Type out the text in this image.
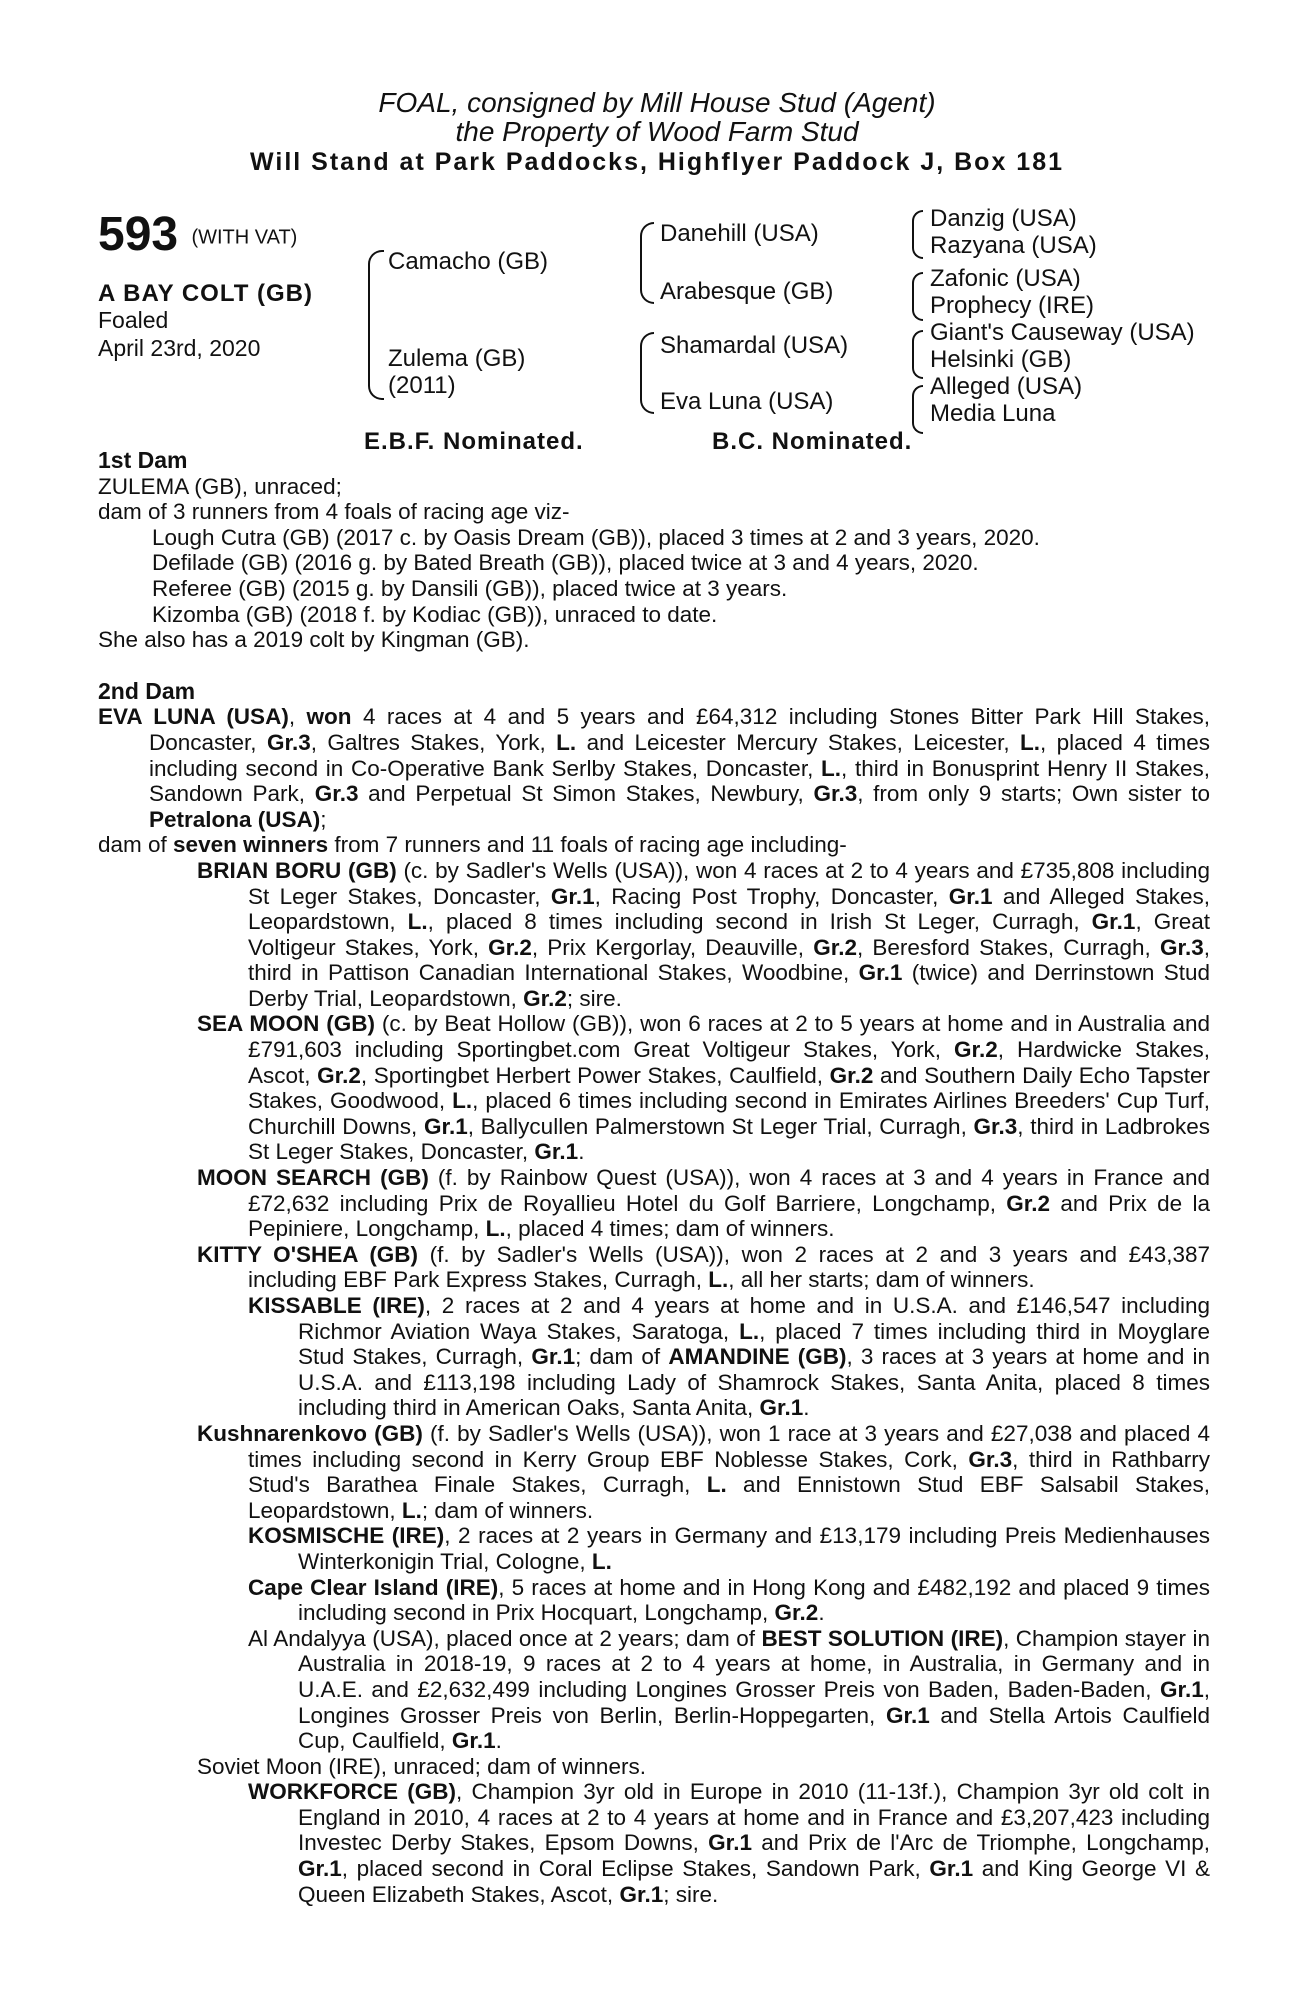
FOAL, consigned by Mill House Stud (Agent)
the Property of Wood Farm Stud
Will Stand at Park Paddocks, Highflyer Paddock J, Box 181
593 (WITH VAT)
A BAY COLT (GB)
Foaled
April 23rd, 2020
Camacho (GB)
Zulema (GB)
(2011)
Danehill (USA)
Arabesque (GB)
Shamardal (USA)
Eva Luna (USA)
Danzig (USA)
Razyana (USA)
Zafonic (USA)
Prophecy (IRE)
Giant's Causeway (USA)
Helsinki (GB)
Alleged (USA)
Media Luna
E.B.F. Nominated.	B.C. Nominated.

1st Dam

ZULEMA (GB), unraced;

dam of 3 runners from 4 foals of racing age viz-

Lough Cutra (GB) (2017 c. by Oasis Dream (GB)), placed 3 times at 2 and 3 years, 2020.

Defilade (GB) (2016 g. by Bated Breath (GB)), placed twice at 3 and 4 years, 2020.

Referee (GB) (2015 g. by Dansili (GB)), placed twice at 3 years.

Kizomba (GB) (2018 f. by Kodiac (GB)), unraced to date.

She also has a 2019 colt by Kingman (GB).

2nd Dam

EVA LUNA (USA), won 4 races at 4 and 5 years and £64,312 including Stones Bitter Park Hill Stakes, Doncaster, Gr.3, Galtres Stakes, York, L. and Leicester Mercury Stakes, Leicester, L., placed 4 times including second in Co-Operative Bank Serlby Stakes, Doncaster, L., third in Bonusprint Henry II Stakes, Sandown Park, Gr.3 and Perpetual St Simon Stakes, Newbury, Gr.3, from only 9 starts; Own sister to Petralona (USA);

dam of seven winners from 7 runners and 11 foals of racing age including-

BRIAN BORU (GB) (c. by Sadler's Wells (USA)), won 4 races at 2 to 4 years and £735,808 including St Leger Stakes, Doncaster, Gr.1, Racing Post Trophy, Doncaster, Gr.1 and Alleged Stakes, Leopardstown, L., placed 8 times including second in Irish St Leger, Curragh, Gr.1, Great Voltigeur Stakes, York, Gr.2, Prix Kergorlay, Deauville, Gr.2, Beresford Stakes, Curragh, Gr.3, third in Pattison Canadian International Stakes, Woodbine, Gr.1 (twice) and Derrinstown Stud Derby Trial, Leopardstown, Gr.2; sire.

SEA MOON (GB) (c. by Beat Hollow (GB)), won 6 races at 2 to 5 years at home and in Australia and £791,603 including Sportingbet.com Great Voltigeur Stakes, York, Gr.2, Hardwicke Stakes, Ascot, Gr.2, Sportingbet Herbert Power Stakes, Caulfield, Gr.2 and Southern Daily Echo Tapster Stakes, Goodwood, L., placed 6 times including second in Emirates Airlines Breeders' Cup Turf, Churchill Downs, Gr.1, Ballycullen Palmerstown St Leger Trial, Curragh, Gr.3, third in Ladbrokes St Leger Stakes, Doncaster, Gr.1.

MOON SEARCH (GB) (f. by Rainbow Quest (USA)), won 4 races at 3 and 4 years in France and £72,632 including Prix de Royallieu Hotel du Golf Barriere, Longchamp, Gr.2 and Prix de la Pepiniere, Longchamp, L., placed 4 times; dam of winners.

KITTY O'SHEA (GB) (f. by Sadler's Wells (USA)), won 2 races at 2 and 3 years and £43,387 including EBF Park Express Stakes, Curragh, L., all her starts; dam of winners.

KISSABLE (IRE), 2 races at 2 and 4 years at home and in U.S.A. and £146,547 including Richmor Aviation Waya Stakes, Saratoga, L., placed 7 times including third in Moyglare Stud Stakes, Curragh, Gr.1; dam of AMANDINE (GB), 3 races at 3 years at home and in U.S.A. and £113,198 including Lady of Shamrock Stakes, Santa Anita, placed 8 times including third in American Oaks, Santa Anita, Gr.1.

Kushnarenkovo (GB) (f. by Sadler's Wells (USA)), won 1 race at 3 years and £27,038 and placed 4 times including second in Kerry Group EBF Noblesse Stakes, Cork, Gr.3, third in Rathbarry Stud's Barathea Finale Stakes, Curragh, L. and Ennistown Stud EBF Salsabil Stakes, Leopardstown, L.; dam of winners.

KOSMISCHE (IRE), 2 races at 2 years in Germany and £13,179 including Preis Medienhauses Winterkonigin Trial, Cologne, L.

Cape Clear Island (IRE), 5 races at home and in Hong Kong and £482,192 and placed 9 times including second in Prix Hocquart, Longchamp, Gr.2.

Al Andalyya (USA), placed once at 2 years; dam of BEST SOLUTION (IRE), Champion stayer in Australia in 2018-19, 9 races at 2 to 4 years at home, in Australia, in Germany and in U.A.E. and £2,632,499 including Longines Grosser Preis von Baden, Baden-Baden, Gr.1, Longines Grosser Preis von Berlin, Berlin-Hoppegarten, Gr.1 and Stella Artois Caulfield Cup, Caulfield, Gr.1.

Soviet Moon (IRE), unraced; dam of winners.

WORKFORCE (GB), Champion 3yr old in Europe in 2010 (11-13f.), Champion 3yr old colt in England in 2010, 4 races at 2 to 4 years at home and in France and £3,207,423 including Investec Derby Stakes, Epsom Downs, Gr.1 and Prix de l'Arc de Triomphe, Longchamp, Gr.1, placed second in Coral Eclipse Stakes, Sandown Park, Gr.1 and King George VI & Queen Elizabeth Stakes, Ascot, Gr.1; sire.
